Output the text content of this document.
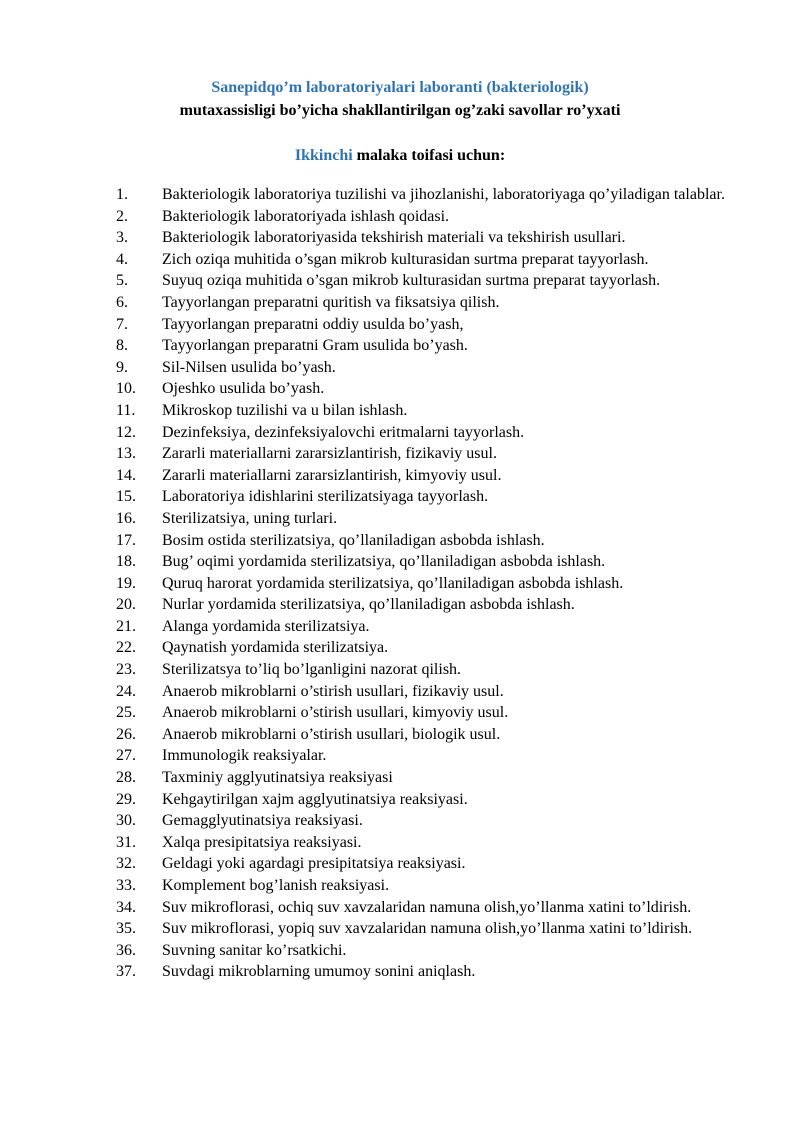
Sanepidqo’m laboratoriyalari laboranti (bakteriologik)
mutaxassisligi bo’yicha shakllantirilgan og’zaki savollar ro’yxati
Ikkinchi malaka toifasi uchun:
1.	Bakteriologik laboratoriya tuzilishi va jihozlanishi, laboratoriyaga qo’yiladigan talablar.
2.	Bakteriologik laboratoriyada ishlash qoidasi.
3.	Bakteriologik laboratoriyasida tekshirish materiali va tekshirish usullari.
4.	Zich oziqa muhitida o’sgan mikrob kulturasidan surtma preparat tayyorlash.
5.	Suyuq oziqa muhitida o’sgan mikrob kulturasidan surtma preparat tayyorlash.
6.	Tayyorlangan preparatni quritish va fiksatsiya qilish.
7.	Tayyorlangan preparatni oddiy usulda bo’yash,
8.	Tayyorlangan preparatni Gram usulida bo’yash.
9.	Sil-Nilsen usulida bo’yash.
10.	Ojeshko usulida bo’yash.
11.	Mikroskop tuzilishi va u bilan ishlash.
12.	Dezinfeksiya, dezinfeksiyalovchi eritmalarni tayyorlash.
13.	Zararli materiallarni zararsizlantirish, fizikaviy usul.
14.	Zararli materiallarni zararsizlantirish, kimyoviy usul.
15.	Laboratoriya idishlarini sterilizatsiyaga tayyorlash.
16.	Sterilizatsiya, uning turlari.
17.	Bosim ostida sterilizatsiya, qo’llaniladigan asbobda ishlash.
18.	Bug’ oqimi yordamida sterilizatsiya, qo’llaniladigan asbobda ishlash.
19.	Quruq harorat yordamida sterilizatsiya, qo’llaniladigan asbobda ishlash.
20.	Nurlar yordamida sterilizatsiya, qo’llaniladigan asbobda ishlash.
21.	Alanga yordamida sterilizatsiya.
22.	Qaynatish yordamida sterilizatsiya.
23.	Sterilizatsya to’liq bo’lganligini nazorat qilish.
24.	Anaerob mikroblarni o’stirish usullari, fizikaviy usul.
25.	Anaerob mikroblarni o’stirish usullari, kimyoviy usul.
26.	Anaerob mikroblarni o’stirish usullari, biologik usul.
27.	Immunologik reaksiyalar.
28.	Taxminiy agglyutinatsiya reaksiyasi
29.	Kehgaytirilgan xajm agglyutinatsiya reaksiyasi.
30.	Gemagglyutinatsiya reaksiyasi.
31.	Xalqa presipitatsiya reaksiyasi.
32.	Geldagi yoki agardagi presipitatsiya reaksiyasi.
33.	Komplement bog’lanish reaksiyasi.
34.	Suv mikroflorasi, ochiq suv xavzalaridan namuna olish,yo’llanma xatini to’ldirish.
35.	Suv mikroflorasi, yopiq suv xavzalaridan namuna olish,yo’llanma xatini to’ldirish.
36.	Suvning sanitar ko’rsatkichi.
37.	Suvdagi mikroblarning umumoy sonini aniqlash.
